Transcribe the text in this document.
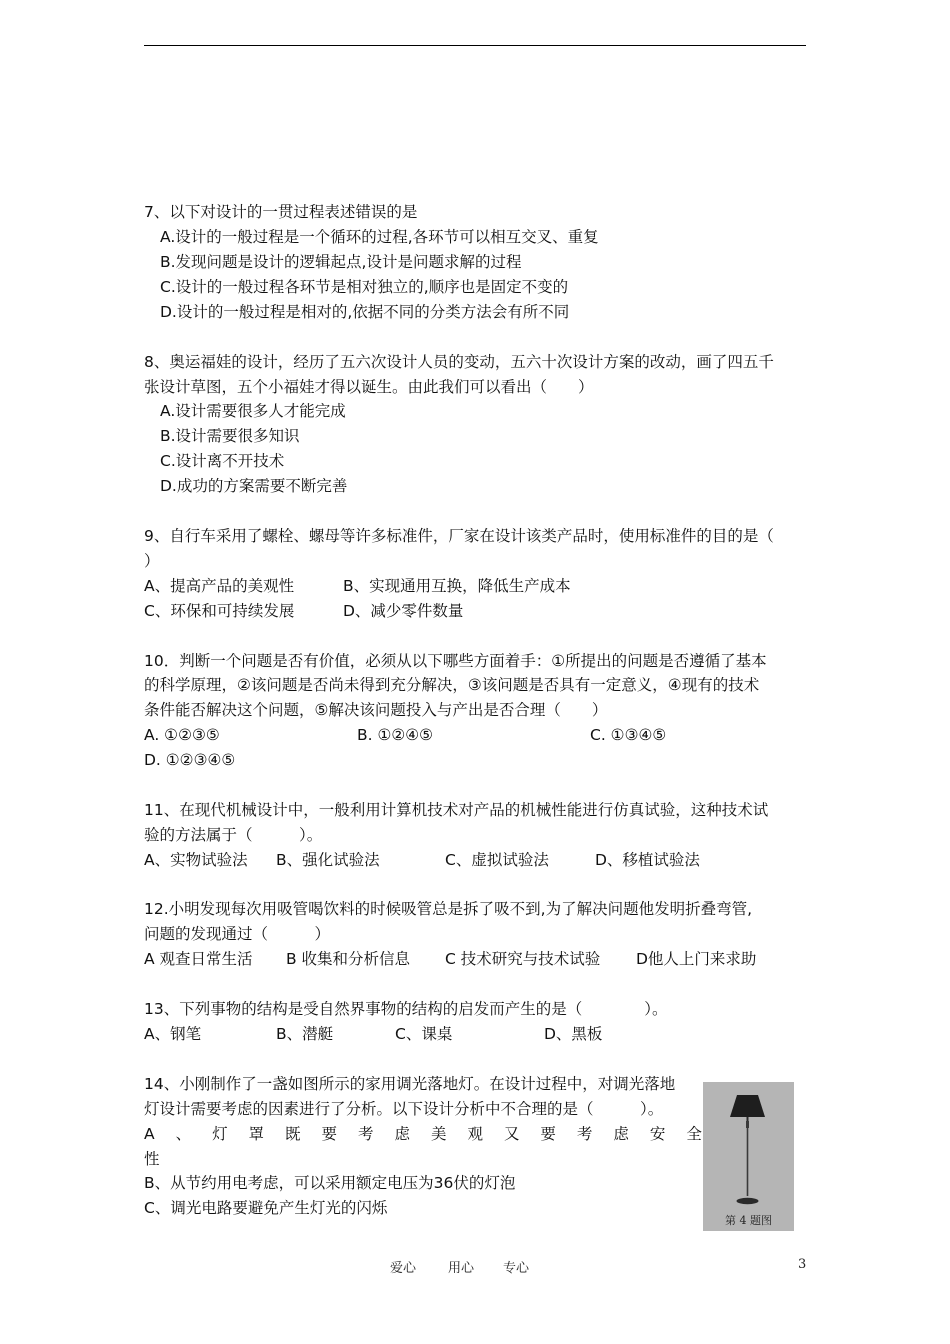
7、以下对设计的一贯过程表述错误的是
A.设计的一般过程是一个循环的过程,各环节可以相互交叉、重复
B.发现问题是设计的逻辑起点,设计是问题求解的过程
C.设计的一般过程各环节是相对独立的,顺序也是固定不变的
D.设计的一般过程是相对的,依据不同的分类方法会有所不同
8、奥运福娃的设计，经历了五六次设计人员的变动，五六十次设计方案的改动，画了四五千
张设计草图，五个小福娃才得以诞生。由此我们可以看出（　　）
A.设计需要很多人才能完成
B.设计需要很多知识
C.设计离不开技术
D.成功的方案需要不断完善
9、自行车采用了螺栓、螺母等许多标准件，厂家在设计该类产品时，使用标准件的目的是（
）
A、提高产品的美观性	B、实现通用互换，降低生产成本
C、环保和可持续发展	D、减少零件数量
10．判断一个问题是否有价值，必须从以下哪些方面着手：①所提出的问题是否遵循了基本
的科学原理，②该问题是否尚未得到充分解决，③该问题是否具有一定意义，④现有的技术
条件能否解决这个问题，⑤解决该问题投入与产出是否合理（　　）
A. ①②③⑤	B. ①②④⑤	C. ①③④⑤
D. ①②③④⑤
11、在现代机械设计中，一般利用计算机技术对产品的机械性能进行仿真试验，这种技术试
验的方法属于（　　　）。
A、实物试验法 B、强化试验法	C、虚拟试验法	D、移植试验法
12.小明发现每次用吸管喝饮料的时候吸管总是拆了吸不到,为了解决问题他发明折叠弯管,
问题的发现通过（　　　）
A 观查日常生活 B 收集和分析信息 C 技术研究与技术试验 D他人上门来求助
13、下列事物的结构是受自然界事物的结构的启发而产生的是（　　　　）。
A、钢笔	B、潜艇	C、课桌	D、黑板
14、小刚制作了一盏如图所示的家用调光落地灯。在设计过程中，对调光落地
灯设计需要考虑的因素进行了分析。以下设计分析中不合理的是（　　　）。
A 、 灯 罩 既 要 考 虑 美 观 又 要 考 虑 安 全
性
B、从节约用电考虑，可以采用额定电压为36伏的灯泡
C、调光电路要避免产生灯光的闪烁
第 4 题图
爱心 用心 专心	3
